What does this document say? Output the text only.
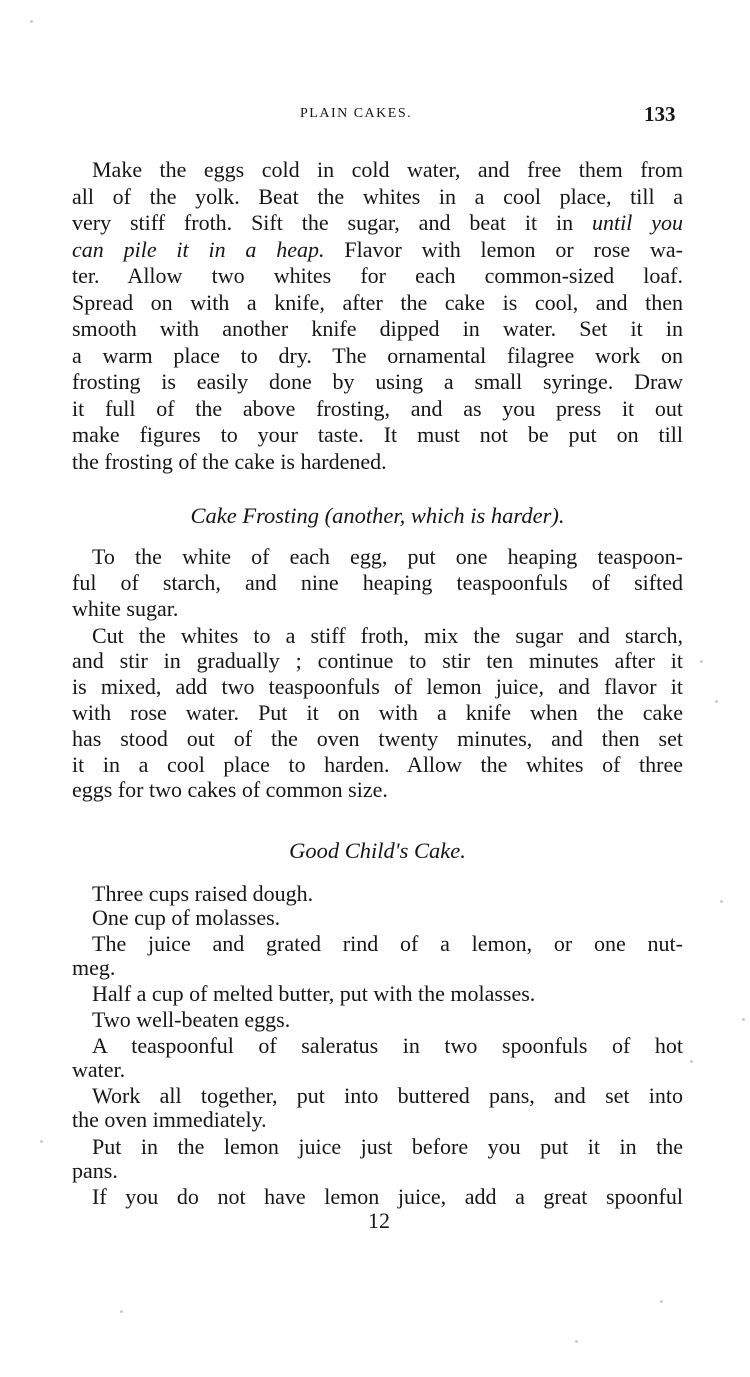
PLAIN CAKES.	133
Make the eggs cold in cold water, and free them from
all of the yolk. Beat the whites in a cool place, till a
very stiff froth. Sift the sugar, and beat it in until you
can pile it in a heap. Flavor with lemon or rose wa-
ter. Allow two whites for each common-sized loaf.
Spread on with a knife, after the cake is cool, and then
smooth with another knife dipped in water. Set it in
a warm place to dry. The ornamental filagree work on
frosting is easily done by using a small syringe. Draw
it full of the above frosting, and as you press it out
make figures to your taste. It must not be put on till
the frosting of the cake is hardened.
Cake Frosting (another, which is harder).
To the white of each egg, put one heaping teaspoon-
ful of starch, and nine heaping teaspoonfuls of sifted
white sugar.
Cut the whites to a stiff froth, mix the sugar and starch,
and stir in gradually ; continue to stir ten minutes after it
is mixed, add two teaspoonfuls of lemon juice, and flavor it
with rose water. Put it on with a knife when the cake
has stood out of the oven twenty minutes, and then set
it in a cool place to harden. Allow the whites of three
eggs for two cakes of common size.
Good Child's Cake.
Three cups raised dough.
One cup of molasses.
The juice and grated rind of a lemon, or one nut-
meg.
Half a cup of melted butter, put with the molasses.
Two well-beaten eggs.
A teaspoonful of saleratus in two spoonfuls of hot
water.
Work all together, put into buttered pans, and set into
the oven immediately.
Put in the lemon juice just before you put it in the
pans.
If you do not have lemon juice, add a great spoonful
12
